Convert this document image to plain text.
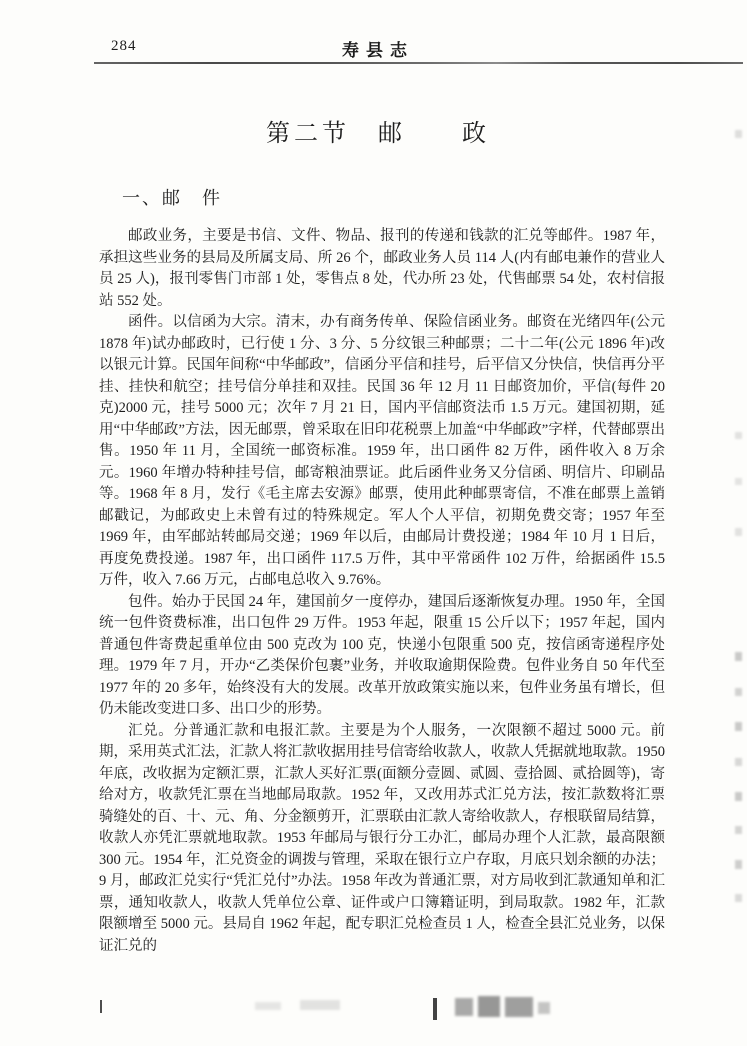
284	寿县志
第二节　邮　　政
一、邮　件

邮政业务，主要是书信、文件、物品、报刊的传递和钱款的汇兑等邮件。1987 年，承担这些业务的县局及所属支局、所 26 个，邮政业务人员 114 人(内有邮电兼作的营业人员 25 人)，报刊零售门市部 1 处，零售点 8 处，代办所 23 处，代售邮票 54 处，农村信报站 552 处。

函件。以信函为大宗。清末，办有商务传单、保险信函业务。邮资在光绪四年(公元 1878 年)试办邮政时，已行使 1 分、3 分、5 分纹银三种邮票；二十二年(公元 1896 年)改以银元计算。民国年间称“中华邮政”，信函分平信和挂号，后平信又分快信，快信再分平挂、挂快和航空；挂号信分单挂和双挂。民国 36 年 12 月 11 日邮资加价，平信(每件 20 克)2000 元，挂号 5000 元；次年 7 月 21 日，国内平信邮资法币 1.5 万元。建国初期，延用“中华邮政”方法，因无邮票，曾采取在旧印花税票上加盖“中华邮政”字样，代替邮票出售。1950 年 11 月，全国统一邮资标准。1959 年，出口函件 82 万件，函件收入 8 万余元。1960 年增办特种挂号信，邮寄粮油票证。此后函件业务又分信函、明信片、印刷品等。1968 年 8 月，发行《毛主席去安源》邮票，使用此种邮票寄信，不准在邮票上盖销邮戳记，为邮政史上未曾有过的特殊规定。军人个人平信，初期免费交寄；1957 年至 1969 年，由军邮站转邮局交递；1969 年以后，由邮局计费投递；1984 年 10 月 1 日后，再度免费投递。1987 年，出口函件 117.5 万件，其中平常函件 102 万件，给据函件 15.5 万件，收入 7.66 万元，占邮电总收入 9.76%。

包件。始办于民国 24 年，建国前夕一度停办，建国后逐渐恢复办理。1950 年，全国统一包件资费标准，出口包件 29 万件。1953 年起，限重 15 公斤以下；1957 年起，国内普通包件寄费起重单位由 500 克改为 100 克，快递小包限重 500 克，按信函寄递程序处理。1979 年 7 月，开办“乙类保价包裹”业务，并收取逾期保险费。包件业务自 50 年代至 1977 年的 20 多年，始终没有大的发展。改革开放政策实施以来，包件业务虽有增长，但仍未能改变进口多、出口少的形势。

汇兑。分普通汇款和电报汇款。主要是为个人服务，一次限额不超过 5000 元。前期，采用英式汇法，汇款人将汇款收据用挂号信寄给收款人，收款人凭据就地取款。1950 年底，改收据为定额汇票，汇款人买好汇票(面额分壹圆、贰圆、壹拾圆、贰拾圆等)，寄给对方，收款凭汇票在当地邮局取款。1952 年，又改用苏式汇兑方法，按汇款数将汇票骑缝处的百、十、元、角、分金额剪开，汇票联由汇款人寄给收款人，存根联留局结算，收款人亦凭汇票就地取款。1953 年邮局与银行分工办汇，邮局办理个人汇款，最高限额 300 元。1954 年，汇兑资金的调拨与管理，采取在银行立户存取，月底只划余额的办法；9 月，邮政汇兑实行“凭汇兑付”办法。1958 年改为普通汇票，对方局收到汇款通知单和汇票，通知收款人，收款人凭单位公章、证件或户口簿籍证明，到局取款。1982 年，汇款限额增至 5000 元。县局自 1962 年起，配专职汇兑检查员 1 人，检查全县汇兑业务，以保证汇兑的
